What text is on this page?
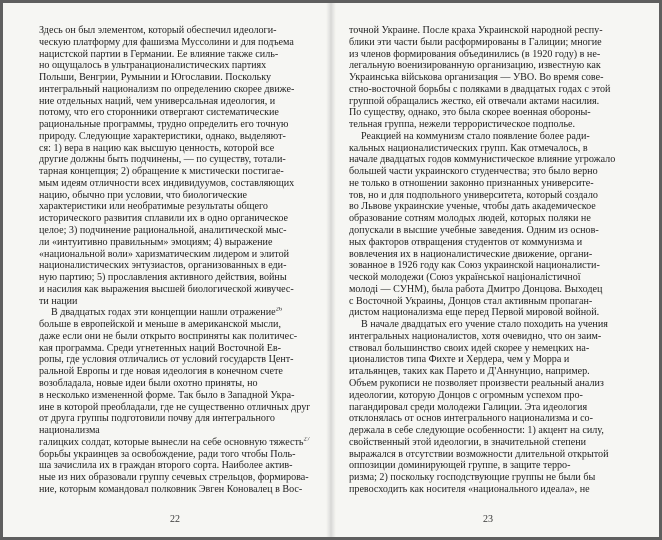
Здесь он был элементом, который обеспечил идеологи-
ческую платформу для фашизма Муссолини и для подъема
нацистской партии в Германии. Ее влияние также силь-
но ощущалось в ультранационалистических партиях
Польши, Венгрии, Румынии и Югославии. Поскольку
интегральный национализм по определению скорее движе-
ние отдельных наций, чем универсальная идеология, и
потому, что его сторонники отвергают систематические
рациональные программы, трудно определить его точную
природу. Следующие характеристики, однако, выделяют-
ся: 1) вера в нацию как высшую ценность, которой все
другие должны быть подчинены, — по существу, тотали-
тарная концепция; 2) обращение к мистически постигае-
мым идеям отличности всех индивидуумов, составляющих
нацию, обычно при условии, что биологические
характеристики или необратимые результаты общего
исторического развития сплавили их в одно органическое
целое; 3) подчинение рациональной, аналитической мыс-
ли «интуитивно правильным» эмоциям; 4) выражение
«национальной воли» харизматическим лидером и элитой
националистических энтузиастов, организованных в еди-
ную партию; 5) прославления активного действия, войны
и насилия как выражения высшей биологической живучес-
ти нации
В двадцатых годах эти концепции нашли отражение$^{26}$
больше в европейской и меньше в американской мысли,
даже если они не были открыто восприняты как политичес-
кая программа. Среди угнетенных наций Восточной Ев-
ропы, где условия отличались от условий государств Цент-
ральной Европы и где новая идеология в конечном счете
возобладала, новые идеи были охотно приняты, но
в несколько измененной форме. Так было в Западной Укра-
ине в которой преобладали, где не существенно отличных друг
от друга группы подготовили почву для интегрального
национализма
галицких солдат, которые вынесли на себе основную тяжесть$^{27}$
борьбы украинцев за освобождение, ради того чтобы Поль-
ша зачислила их в граждан второго сорта. Наиболее актив-
ные из них образовали группу сечевых стрельцов, формирова-
ние, которым командовал полковник Эвген Коновалец в Вос-
22
точной Украине. После краха Украинской народной респу-
блики эти части были расформированы в Галиции; многие
из членов формирования объединились (в 1920 году) в не-
легальную военизированную организацию, известную как
Украинська військова организация — УВО. Во время сове-
стно-восточной борьбы с поляками в двадцатых годах с этой
группой обращались жестко, ей отвечали актами насилия.
По существу, однако, это была скорее военная обороны-
тельная группа, нежели террористическое подполье.
Реакцией на коммунизм стало появление более ради-
кальных националистических групп. Как отмечалось, в
начале двадцатых годов коммунистическое влияние угрожало
большей части украинского студенчества; это было верно
не только в отношении законно признанных университе-
тов, но и для подпольного университета, который создало
во Львове украинские ученые, чтобы дать академическое
образование сотням молодых людей, которых поляки не
допускали в высшие учебные заведения. Одним из основ-
ных факторов отвращения студентов от коммунизма и
вовлечения их в националистические движение, органи-
зованное в 1926 году как Союз украинской националисти-
ческой молодежи (Союз української націоналістичної
молоді — СУНМ), была работа Дмитро Донцова. Выходец
с Восточной Украины, Донцов стал активным пропаган-
дистом национализма еще перед Первой мировой войной.
В начале двадцатых его учение стало походить на учения
интегральных националистов, хотя очевидно, что он заим-
ствовал большинство своих идей скорее у немецких на-
ционалистов типа Фихте и Хердера, чем у Морра и
итальянцев, таких как Парето и Д'Аннунцио, например.
Объем рукописи не позволяет произвести реальный анализ
идеологии, которую Донцов с огромным успехом про-
пагандировал среди молодежи Галиции. Эта идеология
отклонялась от основ интегрального национализма и со-
держала в себе следующие особенности: 1) акцент на силу,
свойственный этой идеологии, в значительной степени
выражался в отсутствии возможности длительной открытой
оппозиции доминирующей группе, в защите терро-
ризма; 2) поскольку господствующие группы не были бы
превосходить как носителя «национального идеала», не
23
